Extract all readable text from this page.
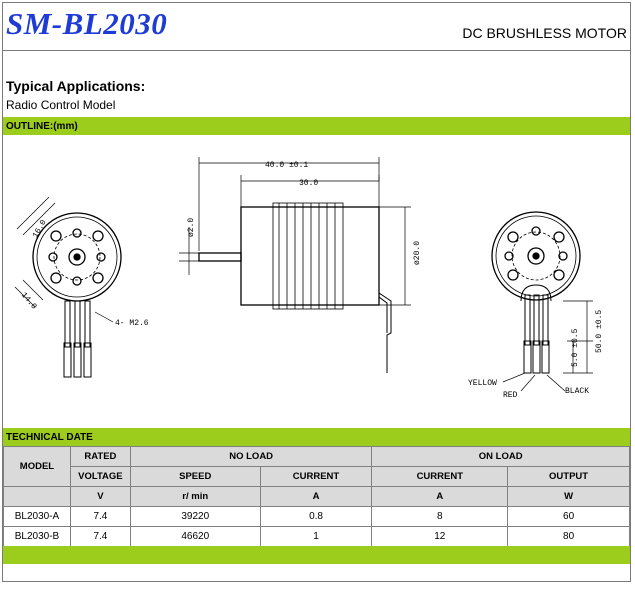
SM-BL2030	DC BRUSHLESS MOTOR
Typical Applications:
Radio Control Model
OUTLINE:(mm)
16.0
14.0
4- M2.6
40.0 ±0.1
30.0
ø2.0
ø20.0
5.0 ±0.5 50.0 ±0.5
YELLOW
RED	BLACK
TECHNICAL DATE
MODEL	RATED	NO LOAD		ON LOAD	
	VOLTAGE	SPEED	CURRENT	CURRENT	OUTPUT
	V	r/ min	A	A	W
BL2030-A	7.4	39220	0.8	8	60
BL2030-B	7.4	46620	1	12	80
